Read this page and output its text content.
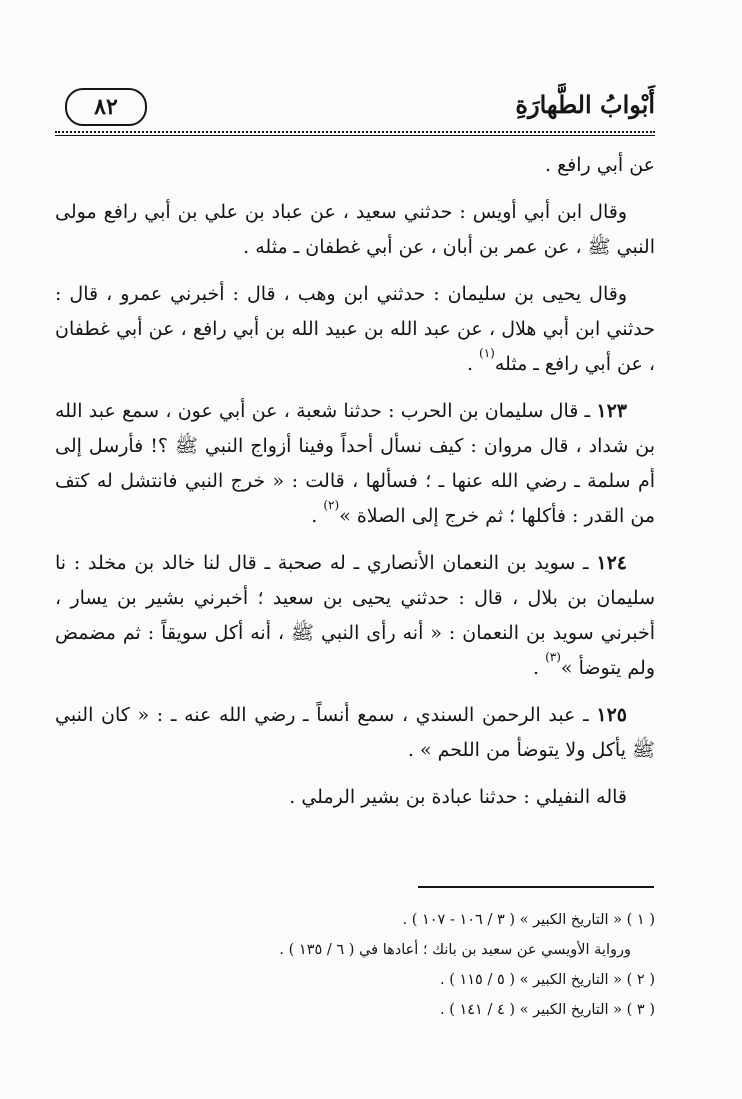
٨٢	أَبْوابُ الطَّهارَةِ

عن أبي رافع .

وقال ابن أبي أويس : حدثني سعيد ، عن عباد بن علي بن أبي رافع مولى النبي ﷺ ، عن عمر بن أبان ، عن أبي غطفان ـ مثله .

وقال يحيى بن سليمان : حدثني ابن وهب ، قال : أخبرني عمرو ، قال : حدثني ابن أبي هلال ، عن عبد الله بن عبيد الله بن أبي رافع ، عن أبي غطفان ، عن أبي رافع ـ مثله$^{(١)}$ .

١٢٣ ـ قال سليمان بن الحرب : حدثنا شعبة ، عن أبي عون ، سمع عبد الله بن شداد ، قال مروان : كيف نسأل أحداً وفينا أزواج النبي ﷺ ؟! فأرسل إلى أم سلمة ـ رضي الله عنها ـ ؛ فسألها ، قالت : « خرج النبي فانتشل له كتف من القدر : فأكلها ؛ ثم خرج إلى الصلاة »$^{(٢)}$ .

١٢٤ ـ سويد بن النعمان الأنصاري ـ له صحبة ـ قال لنا خالد بن مخلد : نا سليمان بن بلال ، قال : حدثني يحيى بن سعيد ؛ أخبرني بشير بن يسار ، أخبرني سويد بن النعمان : « أنه رأى النبي ﷺ ، أنه أكل سويقاً : ثم مضمض ولم يتوضأ »$^{(٣)}$ .

١٢٥ ـ عبد الرحمن السندي ، سمع أنساً ـ رضي الله عنه ـ : « كان النبي ﷺ يأكل ولا يتوضأ من اللحم » .

قاله النفيلي : حدثنا عبادة بن بشير الرملي .

( ١ ) « التاريخ الكبير » ( ٣ / ١٠٦ - ١٠٧ ) .
ورواية الأويسي عن سعيد بن بانك ؛ أعادها في ( ٦ / ١٣٥ ) .
( ٢ ) « التاريخ الكبير » ( ٥ / ١١٥ ) .
( ٣ ) « التاريخ الكبير » ( ٤ / ١٤١ ) .
